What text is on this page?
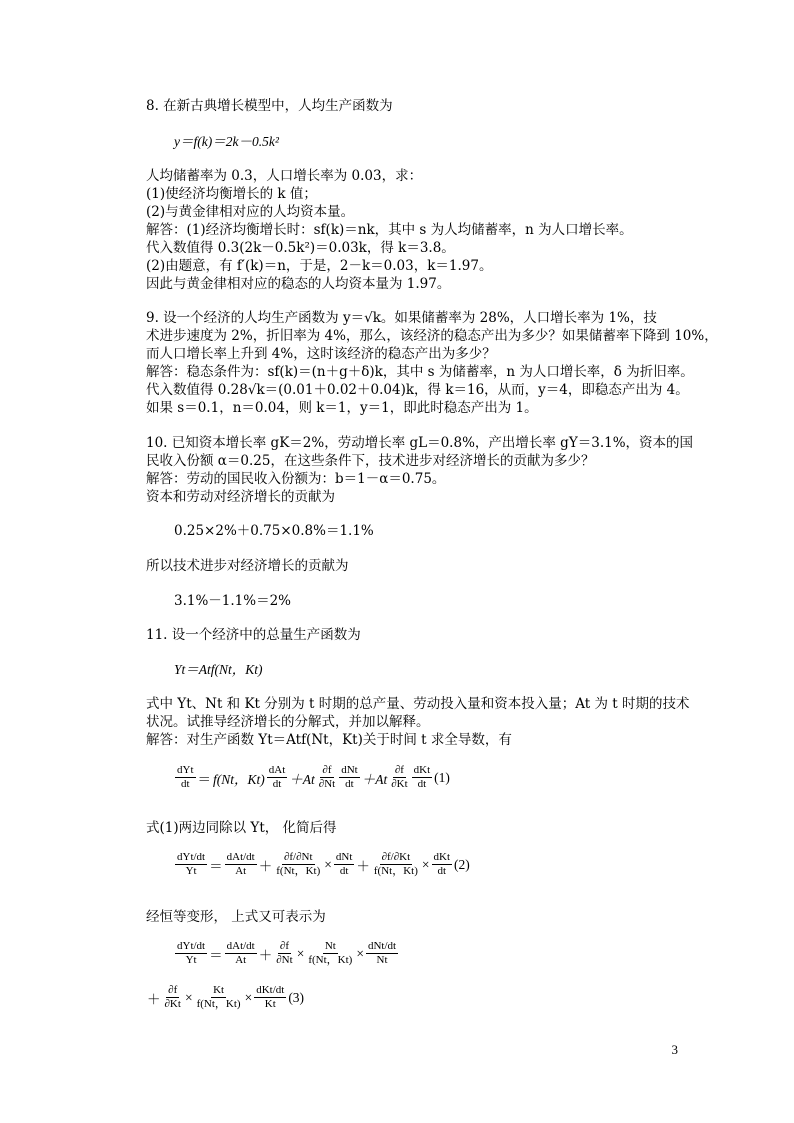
8. 在新古典增长模型中，人均生产函数为
y＝f(k)＝2k－0.5k²
人均储蓄率为 0.3，人口增长率为 0.03，求：
(1)使经济均衡增长的 k 值；
(2)与黄金律相对应的人均资本量。
解答：(1)经济均衡增长时：sf(k)＝nk，其中 s 为人均储蓄率，n 为人口增长率。
代入数值得 0.3(2k－0.5k²)＝0.03k，得 k＝3.8。
(2)由题意，有 f′(k)＝n，于是，2－k＝0.03，k＝1.97。
因此与黄金律相对应的稳态的人均资本量为 1.97。
9. 设一个经济的人均生产函数为 y＝√k。如果储蓄率为 28%，人口增长率为 1%，技
术进步速度为 2%，折旧率为 4%，那么，该经济的稳态产出为多少？如果储蓄率下降到 10%，
而人口增长率上升到 4%，这时该经济的稳态产出为多少？
解答：稳态条件为：sf(k)＝(n＋g＋δ)k，其中 s 为储蓄率，n 为人口增长率，δ 为折旧率。
代入数值得 0.28√k＝(0.01＋0.02＋0.04)k，得 k＝16，从而，y＝4，即稳态产出为 4。
如果 s＝0.1，n＝0.04，则 k＝1，y＝1，即此时稳态产出为 1。
10. 已知资本增长率 gK＝2%，劳动增长率 gL＝0.8%，产出增长率 gY＝3.1%，资本的国
民收入份额 α＝0.25，在这些条件下，技术进步对经济增长的贡献为多少？
解答：劳动的国民收入份额为：b＝1－α＝0.75。
资本和劳动对经济增长的贡献为
0.25×2%＋0.75×0.8%＝1.1%
所以技术进步对经济增长的贡献为
3.1%－1.1%＝2%
11. 设一个经济中的总量生产函数为
Yt＝Atf(Nt，Kt)
式中 Yt、Nt 和 Kt 分别为 t 时期的总产量、劳动投入量和资本投入量；At 为 t 时期的技术
状况。试推导经济增长的分解式，并加以解释。
解答：对生产函数 Yt＝Atf(Nt，Kt)关于时间 t 求全导数，有
$\frac{\text{dYt}}{dt} = f(Nt$，$Kt) \frac{\text{dAt}}{dt} +At \frac{\partial f}{\partial Nt} \frac{\text{dNt}}{dt} +At \frac{\partial f}{\partial Kt} \frac{\text{dKt}}{dt} (1)$
式(1)两边同除以 Yt， 化简后得
$\frac{\text{dYt/dt}}{Yt} = \frac{\text{dAt/dt}}{At} + \frac{\partial f/\partial Nt}{f(Nt,Kt)} \times \frac{\text{dNt}}{dt} + \frac{\partial f/\partial Kt}{f(Nt,Kt)} \times \frac{\text{dKt}}{dt} (2)$
经恒等变形， 上式又可表示为
$\frac{\text{dYt/dt}}{Yt} = \frac{\text{dAt/dt}}{At} + \frac{\partial f}{\partial Nt} \times \frac{Nt}{f(Nt,Kt)} \times \frac{\text{dNt/dt}}{Nt}$
＋ $\frac{\partial f}{\partial Kt} \times \frac{Kt}{f(Nt,Kt)} \times \frac{\text{dKt/dt}}{Kt} (3)$
3
